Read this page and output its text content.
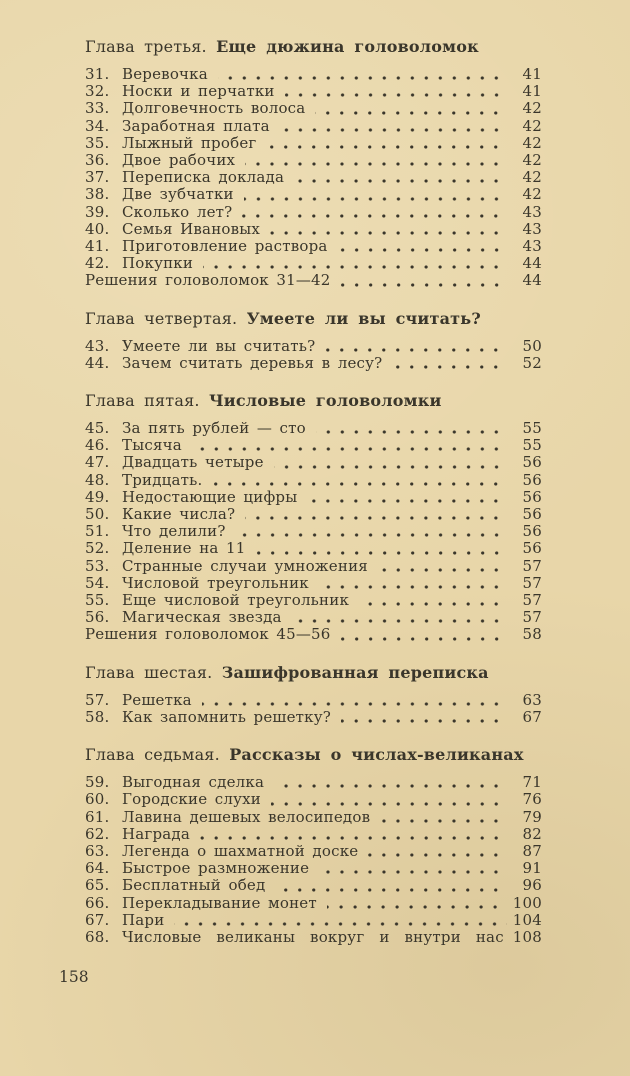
Глава третья. Еще дюжина головоломок
31. Веревочка	41
32. Носки и перчатки	41
33. Долговечность волоса	42
34. Заработная плата	42
35. Лыжный пробег	42
36. Двое рабочих	42
37. Переписка доклада	42
38. Две зубчатки	42
39. Сколько лет?	43
40. Семья Ивановых	43
41. Приготовление раствора	43
42. Покупки	44
Решения головоломок 31—42	44
Глава четвертая. Умеете ли вы считать?
43. Умеете ли вы считать?	50
44. Зачем считать деревья в лесу?	52
Глава пятая. Числовые головоломки
45. За пять рублей — сто	55
46. Тысяча	55
47. Двадцать четыре	56
48. Тридцать.	56
49. Недостающие цифры	56
50. Какие числа?	56
51. Что делили?	56
52. Деление на 11	56
53. Странные случаи умножения	57
54. Числовой треугольник	57
55. Еще числовой треугольник	57
56. Магическая звезда	57
Решения головоломок 45—56	58
Глава шестая. Зашифрованная переписка
57. Решетка	63
58. Как запомнить решетку?	67
Глава седьмая. Рассказы о числах-великанах
59. Выгодная сделка	71
60. Городские слухи	76
61. Лавина дешевых велосипедов	79
62. Награда	82
63. Легенда о шахматной доске	87
64. Быстрое размножение	91
65. Бесплатный обед	96
66. Перекладывание монет	100
67. Пари	104
68. Числовые великаны вокруг и внутри нас 108
158
